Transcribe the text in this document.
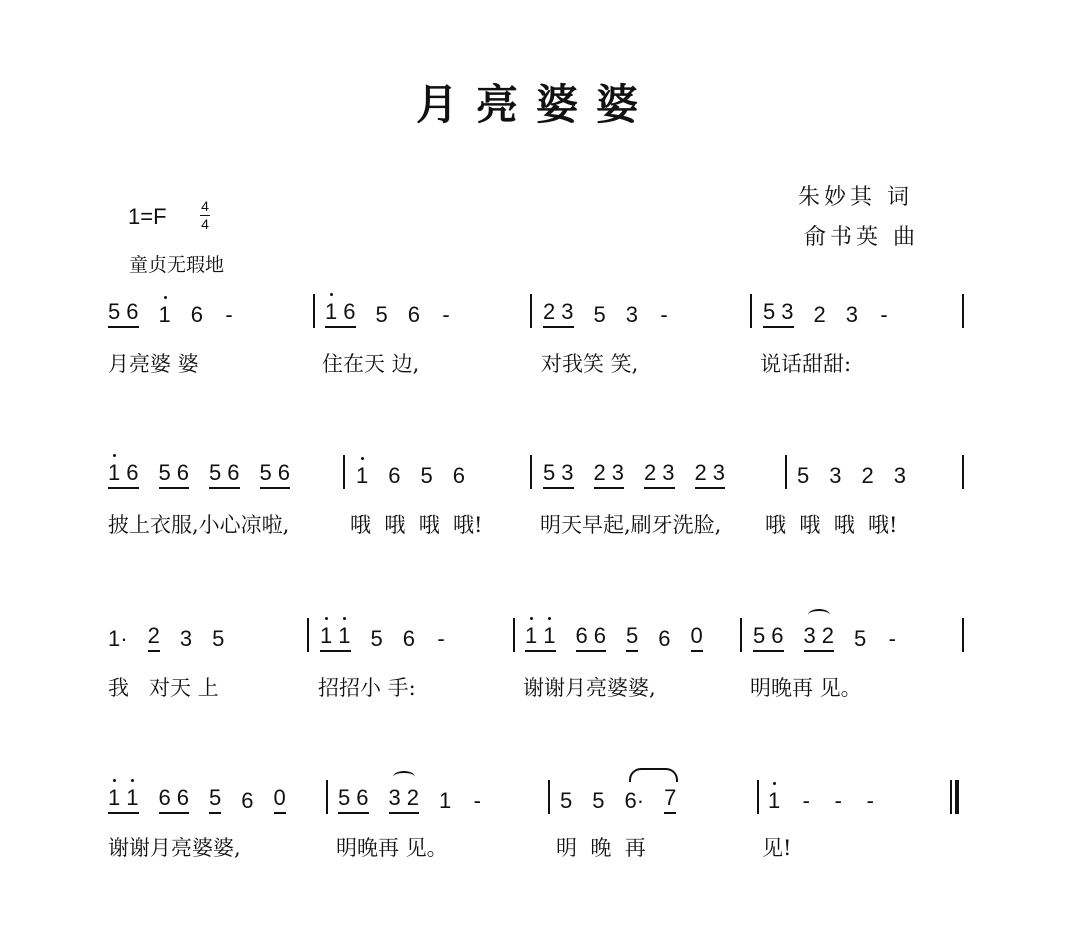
月亮婆婆
1=F 4
4
童贞无瑕地
朱妙其 词
俞书英 曲
5 6 1 6 -
月亮婆 婆
1 6 5 6 -
住在天 边,
2 3 5 3 -
对我笑 笑,
5 3 2 3 -
说话甜甜:
1 6 5 6 5 6 5 6
披上衣服,小心凉啦,
1 6 5 6
哦  哦  哦  哦!
5 3 2 3 2 3 2 3
明天早起,刷牙洗脸,
5 3 2 3
哦  哦  哦  哦!
1· 2 3 5
我   对天 上
1 1 5 6 -
招招小 手:
1 1 6 6 5 6 0
谢谢月亮婆婆,
5 6 3 2 5 -
明晚再 见。
1 1 6 6 5 6 0
谢谢月亮婆婆,
5 6 3 2 1 -
明晚再 见。
5 5 6· 7
明  晚  再
1 - - -
见!
